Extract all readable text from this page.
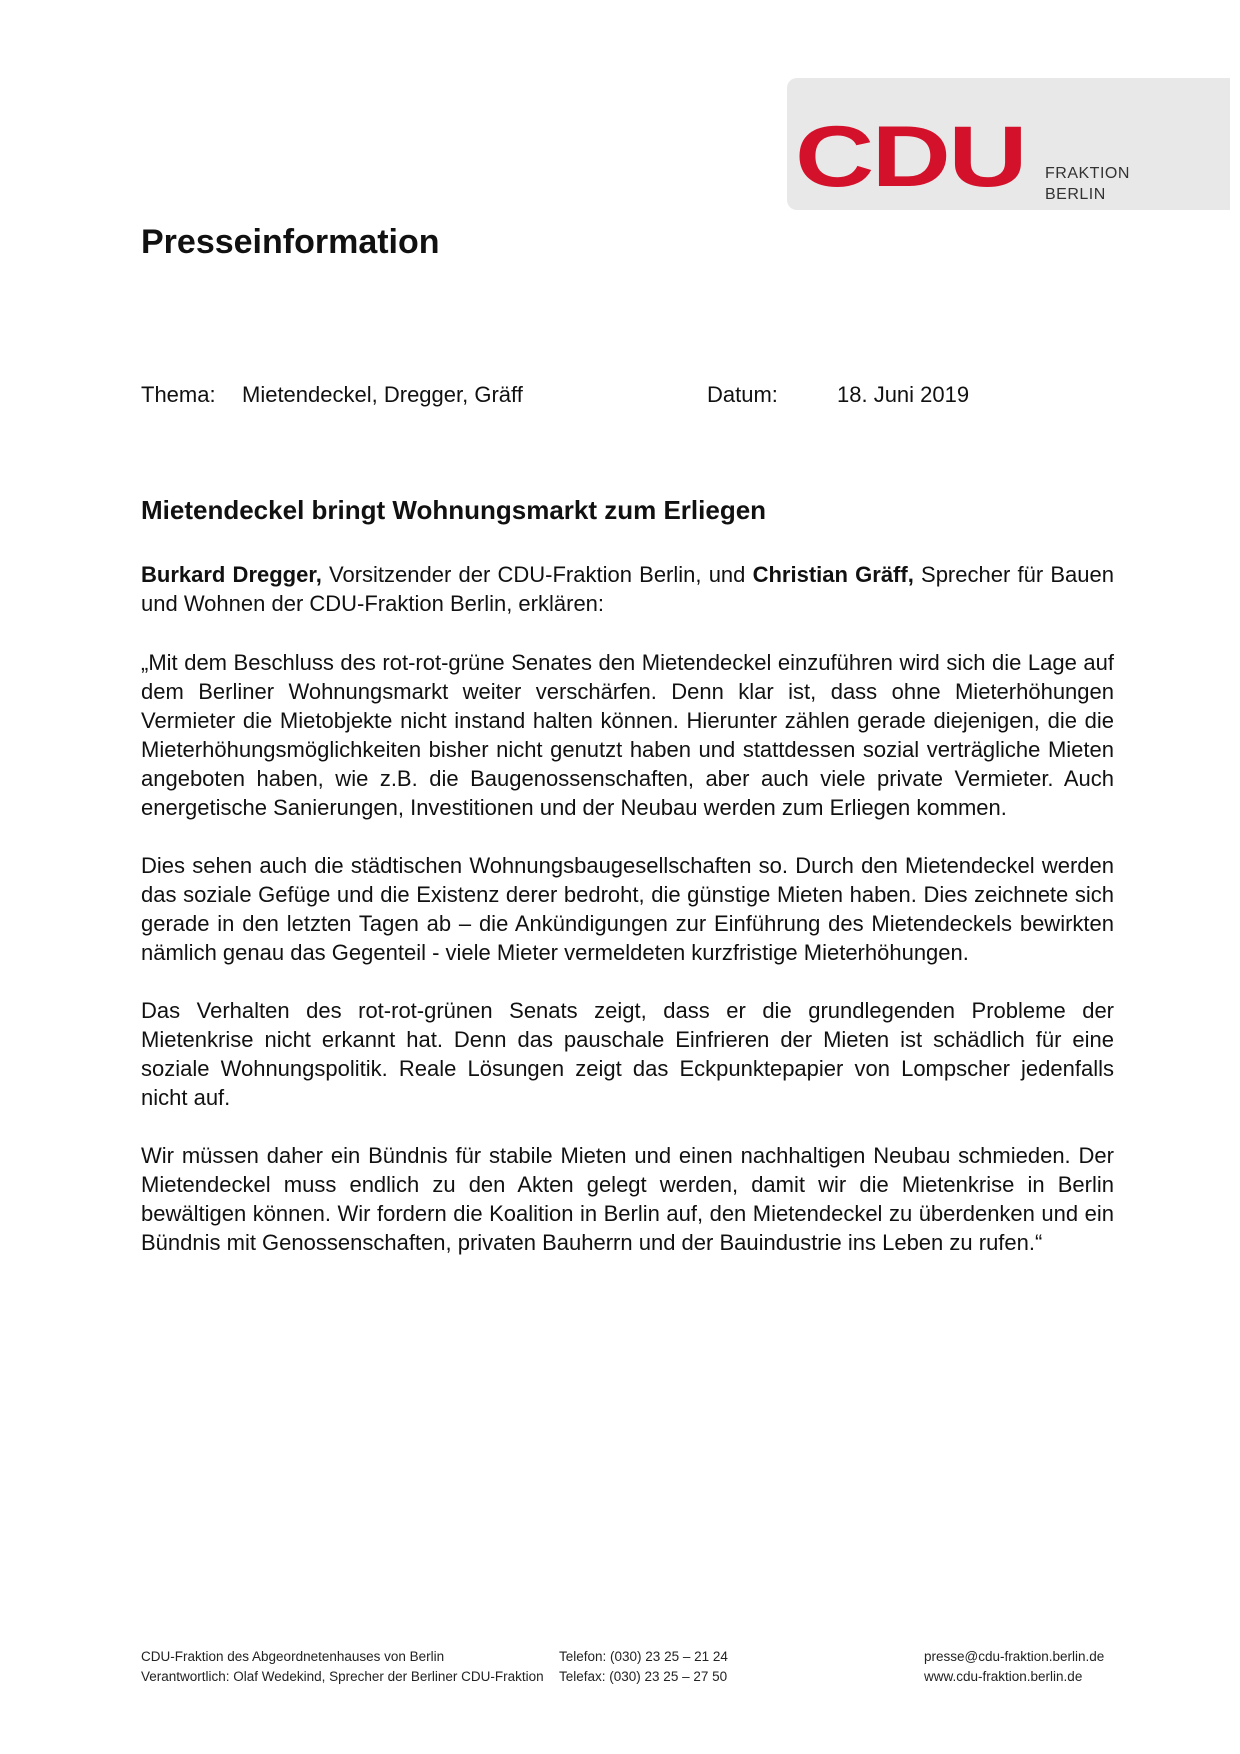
CDU FRAKTION
BERLIN
Presseinformation
Thema: Mietendeckel, Dregger, Gräff	Datum:	18. Juni 2019
Mietendeckel bringt Wohnungsmarkt zum Erliegen

Burkard Dregger, Vorsitzender der CDU-Fraktion Berlin, und Christian Gräff, Sprecher für Bauen und Wohnen der CDU-Fraktion Berlin, erklären:

„Mit dem Beschluss des rot-rot-grüne Senates den Mietendeckel einzuführen wird sich die Lage auf dem Berliner Wohnungsmarkt weiter verschärfen. Denn klar ist, dass ohne Mieterhöhungen Vermieter die Mietobjekte nicht instand halten können. Hierunter zählen gerade diejenigen, die die Mieterhöhungsmöglichkeiten bisher nicht genutzt haben und stattdessen sozial verträgliche Mieten angeboten haben, wie z.B. die Baugenossenschaften, aber auch viele private Vermieter. Auch energetische Sanierungen, Investitionen und der Neubau werden zum Erliegen kommen.

Dies sehen auch die städtischen Wohnungsbaugesellschaften so. Durch den Mietendeckel werden das soziale Gefüge und die Existenz derer bedroht, die günstige Mieten haben. Dies zeichnete sich gerade in den letzten Tagen ab – die Ankündigungen zur Einführung des Mietendeckels bewirkten nämlich genau das Gegenteil - viele Mieter vermeldeten kurzfristige Mieterhöhungen.

Das Verhalten des rot-rot-grünen Senats zeigt, dass er die grundlegenden Probleme der Mietenkrise nicht erkannt hat. Denn das pauschale Einfrieren der Mieten ist schädlich für eine soziale Wohnungspolitik. Reale Lösungen zeigt das Eckpunktepapier von Lompscher jedenfalls nicht auf.

Wir müssen daher ein Bündnis für stabile Mieten und einen nachhaltigen Neubau schmieden. Der Mietendeckel muss endlich zu den Akten gelegt werden, damit wir die Mietenkrise in Berlin bewältigen können. Wir fordern die Koalition in Berlin auf, den Mietendeckel zu überdenken und ein Bündnis mit Genossenschaften, privaten Bauherrn und der Bauindustrie ins Leben zu rufen.“

CDU-Fraktion des Abgeordnetenhauses von Berlin
Verantwortlich: Olaf Wedekind, Sprecher der Berliner CDU-Fraktion
Telefon: (030) 23 25 – 21 24
Telefax: (030) 23 25 – 27 50
presse@cdu-fraktion.berlin.de
www.cdu-fraktion.berlin.de
